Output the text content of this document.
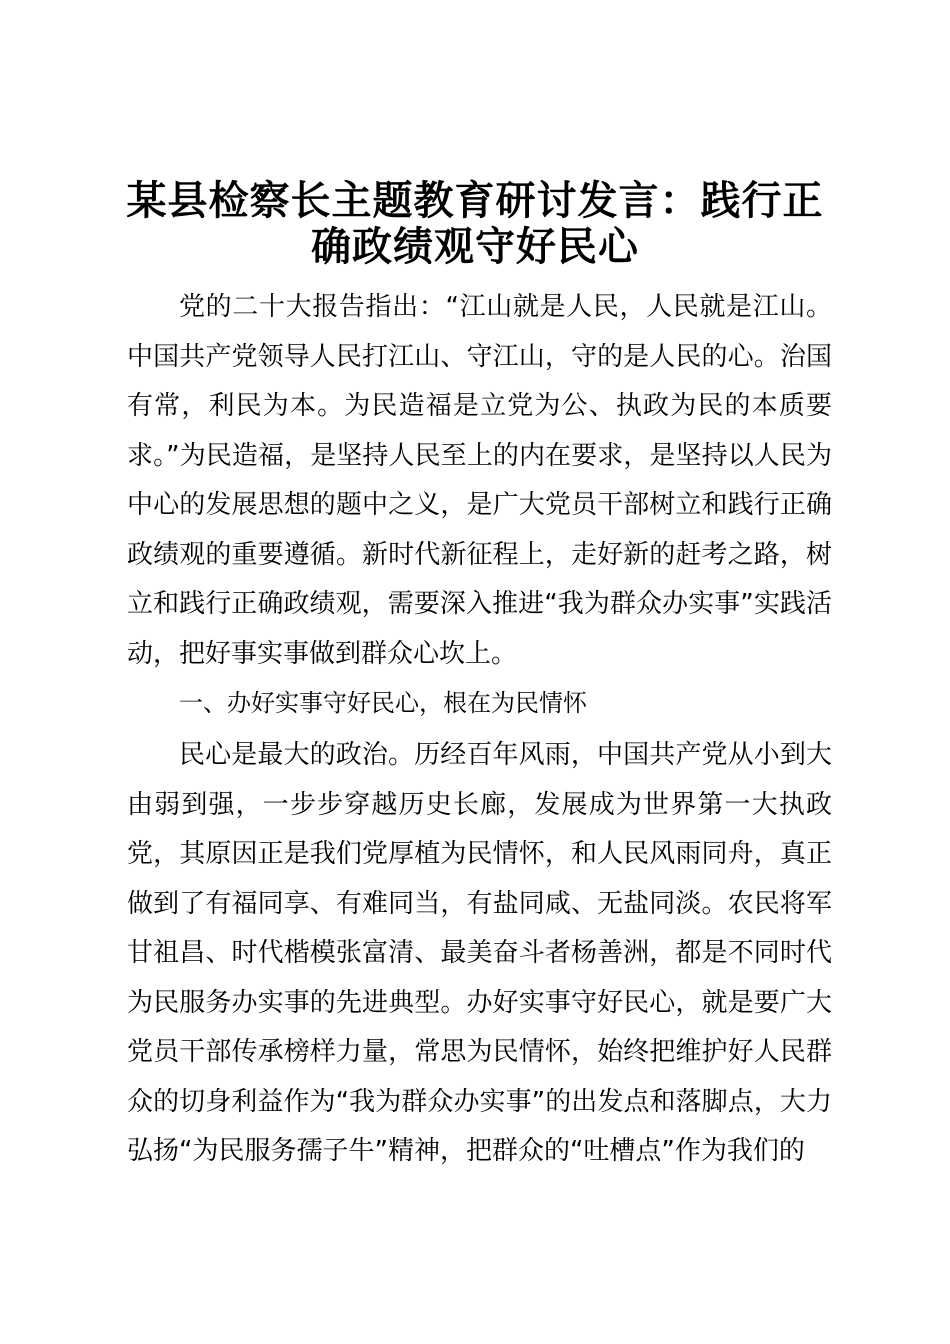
某县检察长主题教育研讨发言：践行正确政绩观守好民心

党的二十大报告指出：“江山就是人民，人民就是江山。中国共产党领导人民打江山、守江山，守的是人民的心。治国有常，利民为本。为民造福是立党为公、执政为民的本质要求。”为民造福，是坚持人民至上的内在要求，是坚持以人民为中心的发展思想的题中之义，是广大党员干部树立和践行正确政绩观的重要遵循。新时代新征程上，走好新的赶考之路，树立和践行正确政绩观，需要深入推进“我为群众办实事”实践活动，把好事实事做到群众心坎上。

一、办好实事守好民心，根在为民情怀

民心是最大的政治。历经百年风雨，中国共产党从小到大由弱到强，一步步穿越历史长廊，发展成为世界第一大执政党，其原因正是我们党厚植为民情怀，和人民风雨同舟，真正做到了有福同享、有难同当，有盐同咸、无盐同淡。农民将军甘祖昌、时代楷模张富清、最美奋斗者杨善洲，都是不同时代为民服务办实事的先进典型。办好实事守好民心，就是要广大党员干部传承榜样力量，常思为民情怀，始终把维护好人民群众的切身利益作为“我为群众办实事”的出发点和落脚点，大力弘扬“为民服务孺子牛”精神，把群众的“吐槽点”作为我们的
